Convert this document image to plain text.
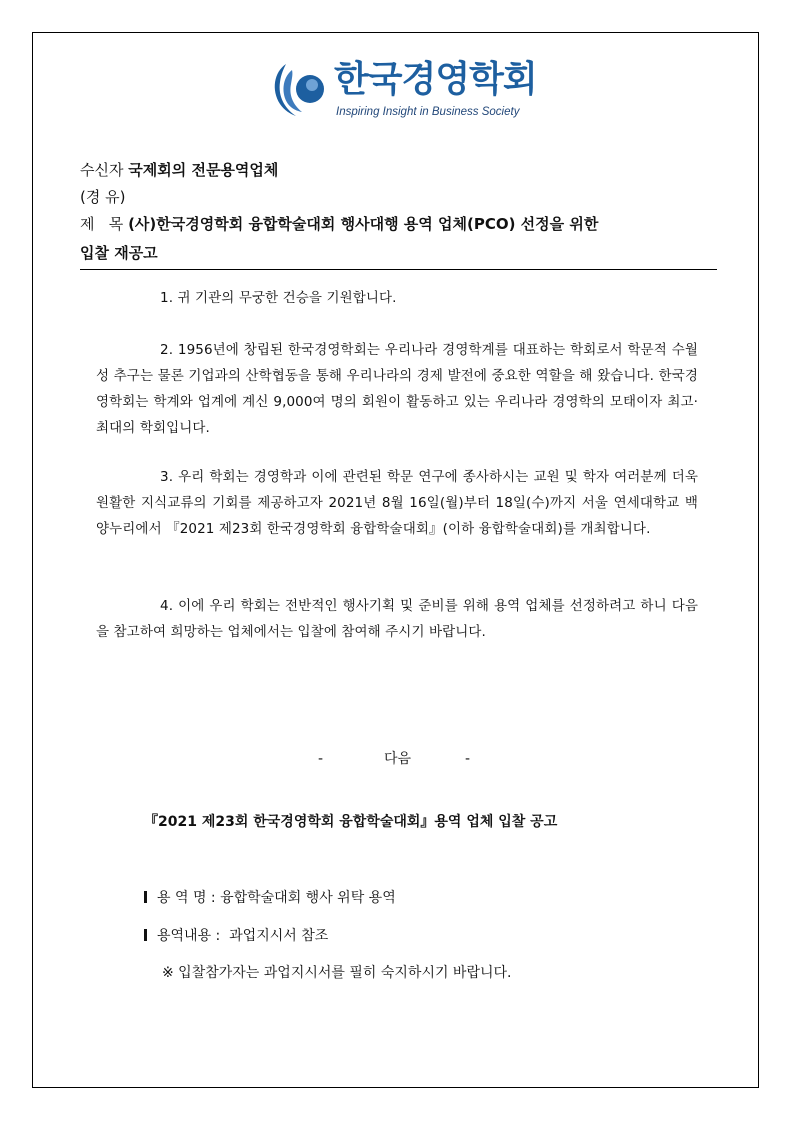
한국경영학회
Inspiring Insight in Business Society
수신자 국제회의 전문용역업체
(경 유)
제   목 (사)한국경영학회 융합학술대회 행사대행 용역 업체(PCO) 선정을 위한
입찰 재공고
1. 귀 기관의 무궁한 건승을 기원합니다.
2. 1956년에 창립된 한국경영학회는 우리나라 경영학계를 대표하는 학회로서 학문적 수월성 추구는 물론 기업과의 산학협동을 통해 우리나라의 경제 발전에 중요한 역할을 해 왔습니다. 한국경영학회는 학계와 업계에 계신 9,000여 명의 회원이 활동하고 있는 우리나라 경영학의 모태이자 최고·최대의 학회입니다.
3. 우리 학회는 경영학과 이에 관련된 학문 연구에 종사하시는 교원 및 학자 여러분께 더욱 원활한 지식교류의 기회를 제공하고자 2021년 8월 16일(월)부터 18일(수)까지 서울 연세대학교 백양누리에서 『2021 제23회 한국경영학회 융합학술대회』(이하 융합학술대회)를 개최합니다.
4. 이에 우리 학회는 전반적인 행사기획 및 준비를 위해 용역 업체를 선정하려고 하니 다음을 참고하여 희망하는 업체에서는 입찰에 참여해 주시기 바랍니다.
-	다음	-
『2021 제23회 한국경영학회 융합학술대회』용역 업체 입찰 공고
용 역 명 : 융합학술대회 행사 위탁 용역
용역내용 :  과업지시서 참조
※ 입찰참가자는 과업지시서를 필히 숙지하시기 바랍니다.
